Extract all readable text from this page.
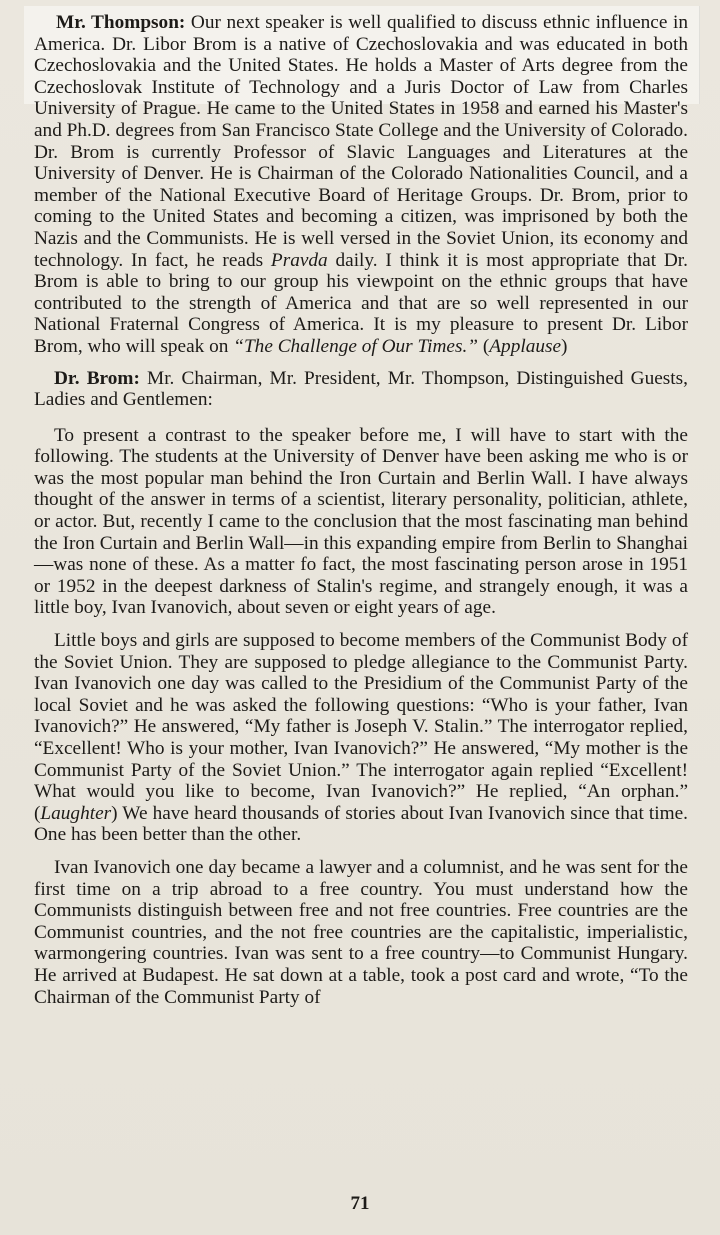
Mr. Thompson: Our next speaker is well qualified to discuss ethnic influence in America. Dr. Libor Brom is a native of Czechoslovakia and was educated in both Czechoslovakia and the United States. He holds a Master of Arts degree from the Czechoslovak Institute of Technology and a Juris Doctor of Law from Charles University of Prague. He came to the United States in 1958 and earned his Master's and Ph.D. degrees from San Francisco State College and the University of Colorado. Dr. Brom is currently Professor of Slavic Languages and Literatures at the University of Denver. He is Chairman of the Colorado Nationalities Council, and a member of the National Executive Board of Heritage Groups. Dr. Brom, prior to coming to the United States and becoming a citizen, was imprisoned by both the Nazis and the Communists. He is well versed in the Soviet Union, its economy and technology. In fact, he reads Pravda daily. I think it is most appropriate that Dr. Brom is able to bring to our group his viewpoint on the ethnic groups that have contributed to the strength of America and that are so well represented in our National Fraternal Congress of America. It is my pleasure to present Dr. Libor Brom, who will speak on “The Challenge of Our Times.” (Applause)

Dr. Brom: Mr. Chairman, Mr. President, Mr. Thompson, Distinguished Guests, Ladies and Gentlemen:

To present a contrast to the speaker before me, I will have to start with the following. The students at the University of Denver have been asking me who is or was the most popular man behind the Iron Curtain and Berlin Wall. I have always thought of the answer in terms of a scientist, literary personality, politician, athlete, or actor. But, recently I came to the conclusion that the most fascinating man behind the Iron Curtain and Berlin Wall—in this expanding empire from Berlin to Shanghai—was none of these. As a matter fo fact, the most fascinating person arose in 1951 or 1952 in the deepest darkness of Stalin's regime, and strangely enough, it was a little boy, Ivan Ivanovich, about seven or eight years of age.

Little boys and girls are supposed to become members of the Communist Body of the Soviet Union. They are supposed to pledge allegiance to the Communist Party. Ivan Ivanovich one day was called to the Presidium of the Communist Party of the local Soviet and he was asked the following questions: “Who is your father, Ivan Ivanovich?” He answered, “My father is Joseph V. Stalin.” The interrogator replied, “Excellent! Who is your mother, Ivan Ivanovich?” He answered, “My mother is the Communist Party of the Soviet Union.” The interrogator again replied “Excellent! What would you like to become, Ivan Ivanovich?” He replied, “An orphan.” (Laughter) We have heard thousands of stories about Ivan Ivanovich since that time. One has been better than the other.

Ivan Ivanovich one day became a lawyer and a columnist, and he was sent for the first time on a trip abroad to a free country. You must understand how the Communists distinguish between free and not free countries. Free countries are the Communist countries, and the not free countries are the capitalistic, imperialistic, warmongering countries. Ivan was sent to a free country—to Communist Hungary. He arrived at Budapest. He sat down at a table, took a post card and wrote, “To the Chairman of the Communist Party of

71
